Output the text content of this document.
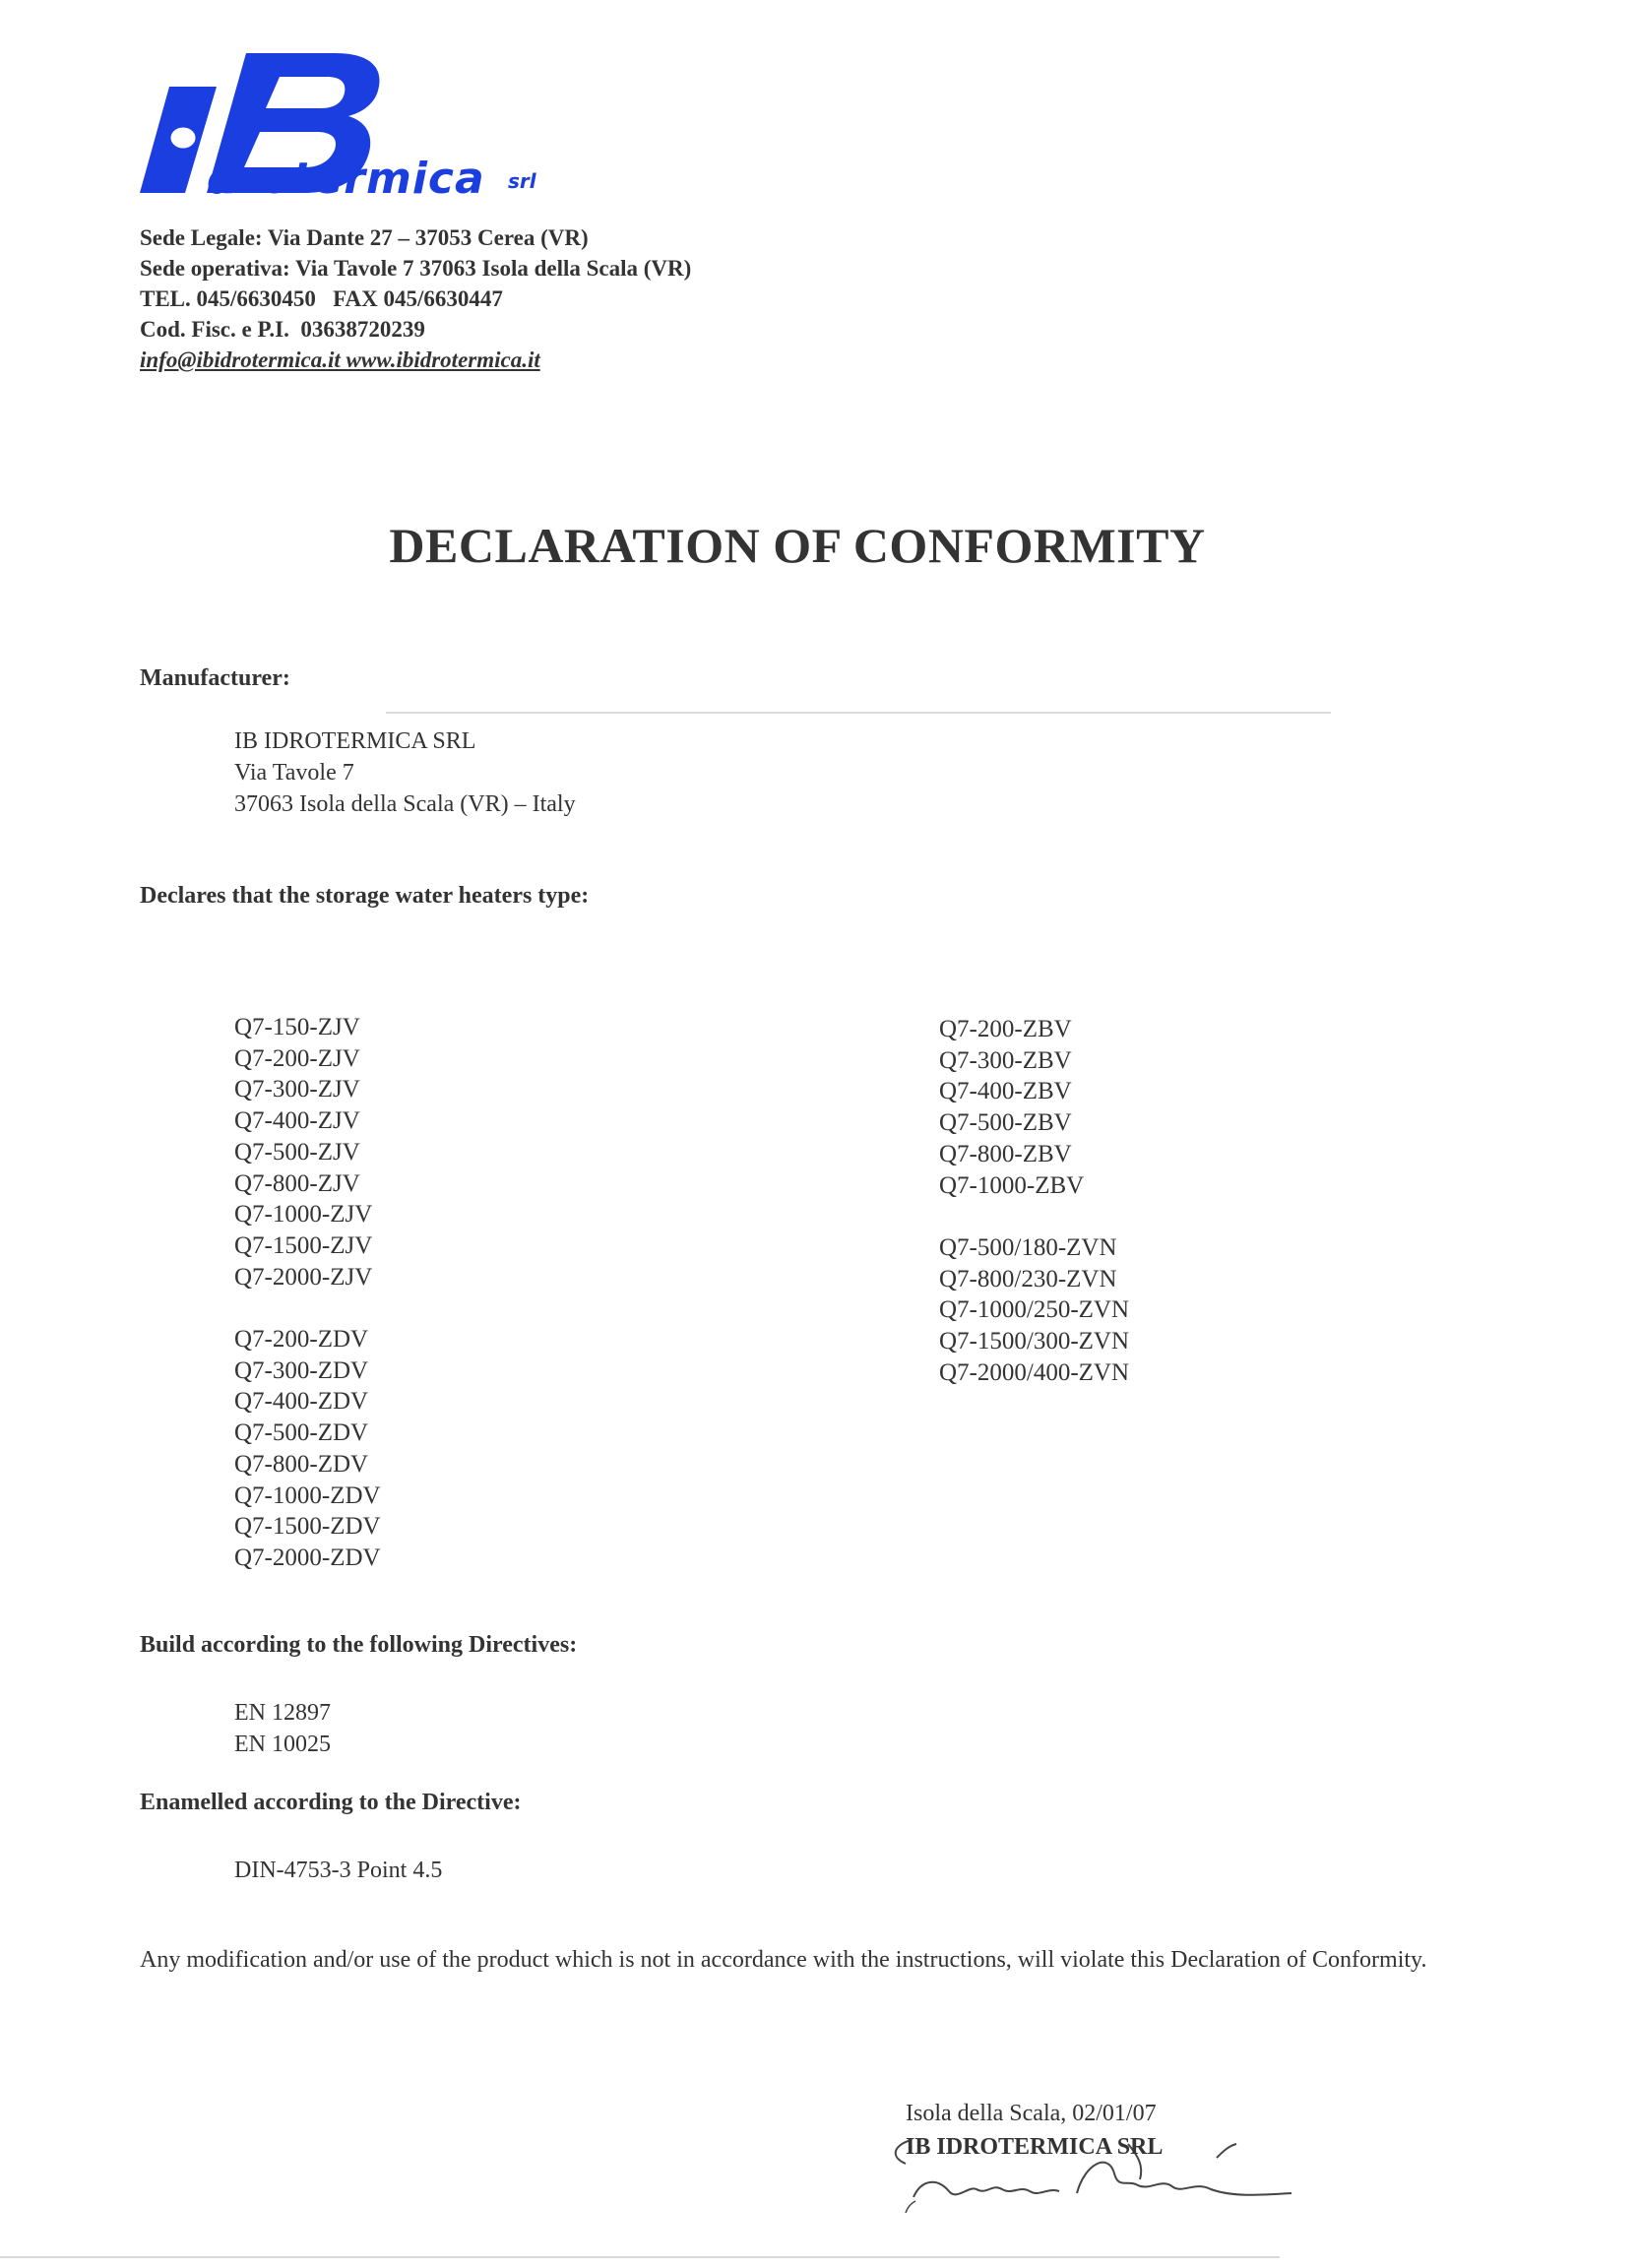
drotermica srl
Sede Legale: Via Dante 27 – 37053 Cerea (VR)
Sede operativa: Via Tavole 7 37063 Isola della Scala (VR)
TEL. 045/6630450   FAX 045/6630447
Cod. Fisc. e P.I.  03638720239
info@ibidrotermica.it www.ibidrotermica.it
DECLARATION OF CONFORMITY
Manufacturer:
IB IDROTERMICA SRL
Via Tavole 7
37063 Isola della Scala (VR) – Italy
Declares that the storage water heaters type:
Q7-150-ZJV
Q7-200-ZJV
Q7-300-ZJV
Q7-400-ZJV
Q7-500-ZJV
Q7-800-ZJV
Q7-1000-ZJV
Q7-1500-ZJV
Q7-2000-ZJV
Q7-200-ZDV
Q7-300-ZDV
Q7-400-ZDV
Q7-500-ZDV
Q7-800-ZDV
Q7-1000-ZDV
Q7-1500-ZDV
Q7-2000-ZDV
Q7-200-ZBV
Q7-300-ZBV
Q7-400-ZBV
Q7-500-ZBV
Q7-800-ZBV
Q7-1000-ZBV
Q7-500/180-ZVN
Q7-800/230-ZVN
Q7-1000/250-ZVN
Q7-1500/300-ZVN
Q7-2000/400-ZVN
Build according to the following Directives:
EN 12897
EN 10025
Enamelled according to the Directive:
DIN-4753-3 Point 4.5
Any modification and/or use of the product which is not in accordance with the instructions, will violate this Declaration of Conformity.
Isola della Scala, 02/01/07
IB IDROTERMICA SRL
